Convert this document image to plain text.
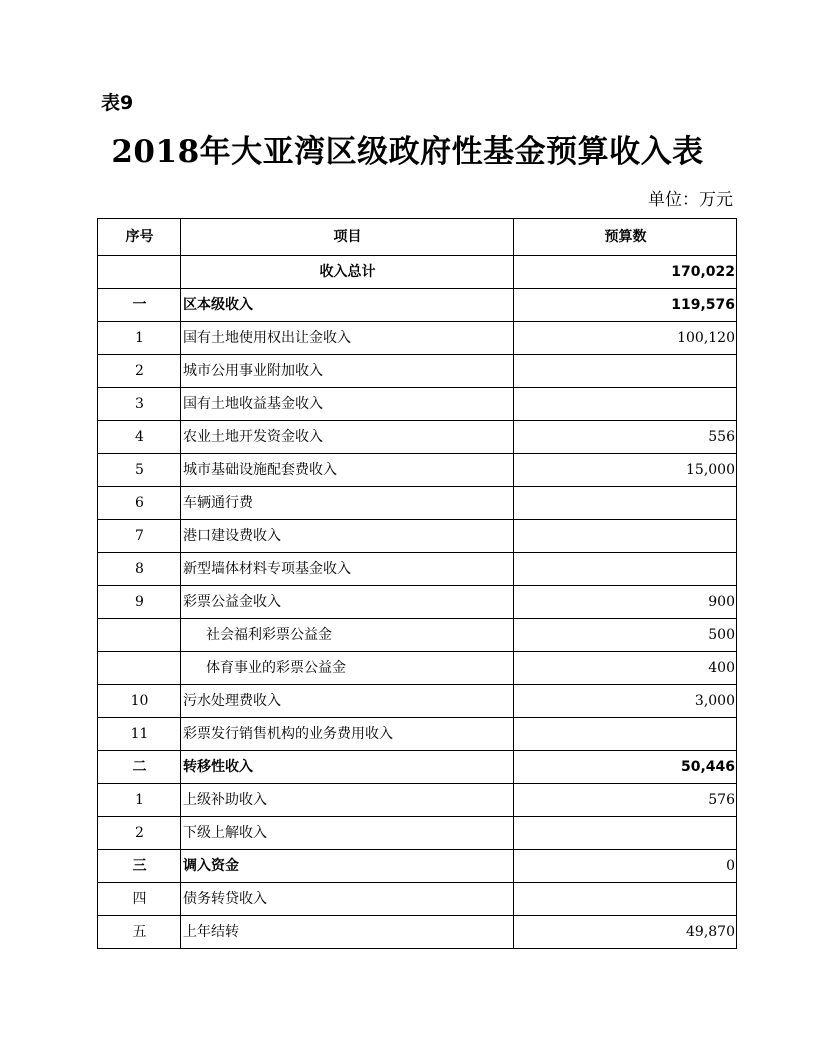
表9
2018年大亚湾区级政府性基金预算收入表
单位：万元
序号	项目	预算数
	收入总计	170,022
一	区本级收入	119,576
1	国有土地使用权出让金收入	100,120
2	城市公用事业附加收入	
3	国有土地收益基金收入	
4	农业土地开发资金收入	556
5	城市基础设施配套费收入	15,000
6	车辆通行费	
7	港口建设费收入	
8	新型墙体材料专项基金收入	
9	彩票公益金收入	900
	社会福利彩票公益金	500
	体育事业的彩票公益金	400
10	污水处理费收入	3,000
11	彩票发行销售机构的业务费用收入	
二	转移性收入	50,446
1	上级补助收入	576
2	下级上解收入	
三	调入资金	0
四	债务转贷收入	
五	上年结转	49,870
